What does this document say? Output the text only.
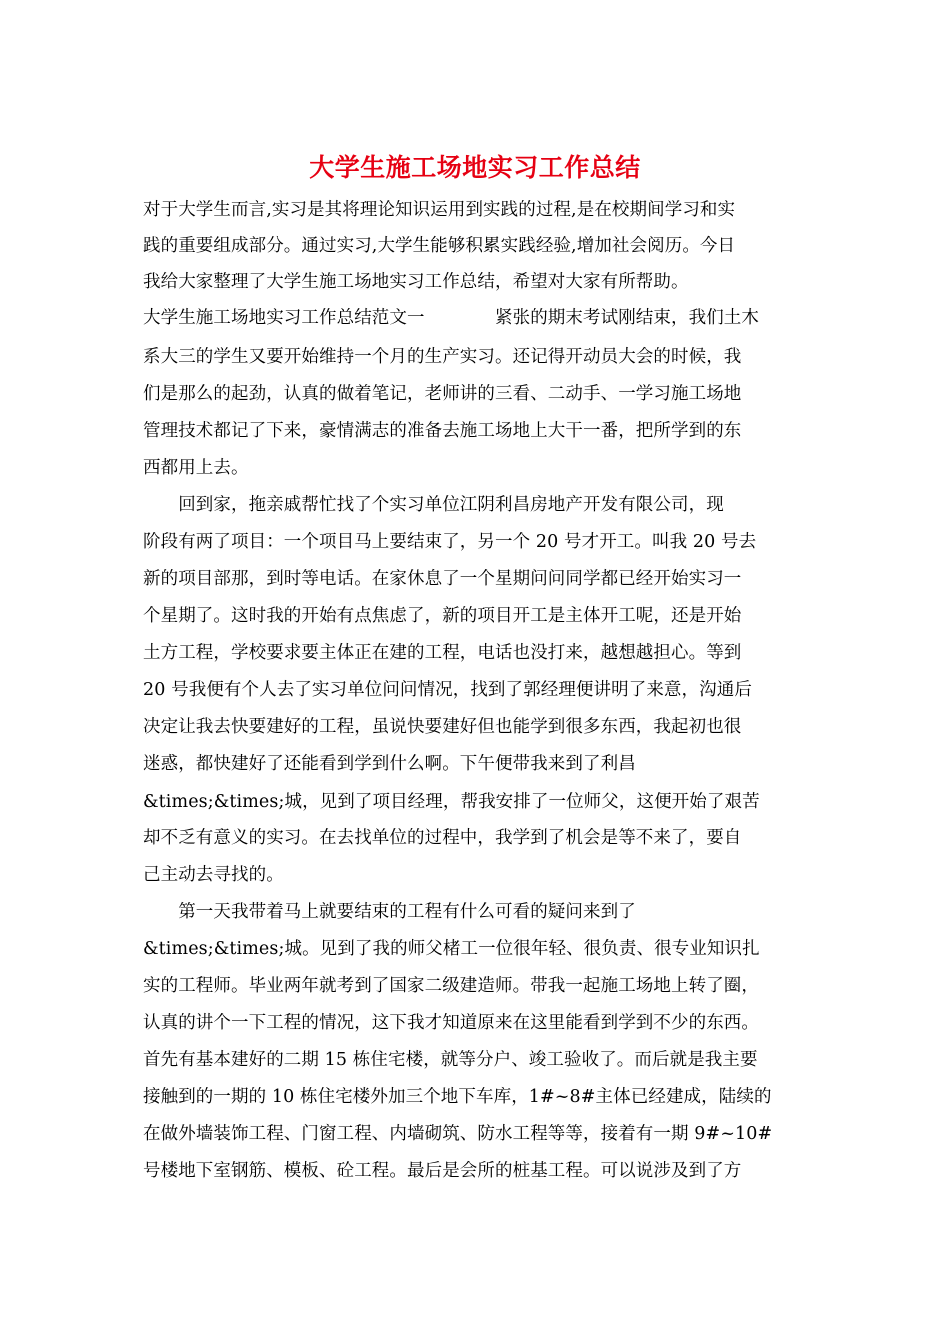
大学生施工场地实习工作总结
对于大学生而言,实习是其将理论知识运用到实践的过程,是在校期间学习和实
践的重要组成部分。通过实习,大学生能够积累实践经验,增加社会阅历。今日
我给大家整理了大学生施工场地实习工作总结，希望对大家有所帮助。
大学生施工场地实习工作总结范文一　　　　紧张的期末考试刚结束，我们土木
系大三的学生又要开始维持一个月的生产实习。还记得开动员大会的时候，我
们是那么的起劲，认真的做着笔记，老师讲的三看、二动手、一学习施工场地
管理技术都记了下来，豪情满志的准备去施工场地上大干一番，把所学到的东
西都用上去。
　　回到家，拖亲戚帮忙找了个实习单位江阴利昌房地产开发有限公司，现
阶段有两了项目：一个项目马上要结束了，另一个 20 号才开工。叫我 20 号去
新的项目部那，到时等电话。在家休息了一个星期问问同学都已经开始实习一
个星期了。这时我的开始有点焦虑了，新的项目开工是主体开工呢，还是开始
土方工程，学校要求要主体正在建的工程，电话也没打来，越想越担心。等到
20 号我便有个人去了实习单位问问情况，找到了郭经理便讲明了来意，沟通后
决定让我去快要建好的工程，虽说快要建好但也能学到很多东西，我起初也很
迷惑，都快建好了还能看到学到什么啊。下午便带我来到了利昌
&times;&times;城，见到了项目经理，帮我安排了一位师父，这便开始了艰苦
却不乏有意义的实习。在去找单位的过程中，我学到了机会是等不来了，要自
己主动去寻找的。
　　第一天我带着马上就要结束的工程有什么可看的疑问来到了
&times;&times;城。见到了我的师父楮工一位很年轻、很负责、很专业知识扎
实的工程师。毕业两年就考到了国家二级建造师。带我一起施工场地上转了圈，
认真的讲个一下工程的情况，这下我才知道原来在这里能看到学到不少的东西。
首先有基本建好的二期 15 栋住宅楼，就等分户、竣工验收了。而后就是我主要
接触到的一期的 10 栋住宅楼外加三个地下车库，1#~8#主体已经建成，陆续的
在做外墙装饰工程、门窗工程、内墙砌筑、防水工程等等，接着有一期 9#~10#
号楼地下室钢筋、模板、砼工程。最后是会所的桩基工程。可以说涉及到了方
